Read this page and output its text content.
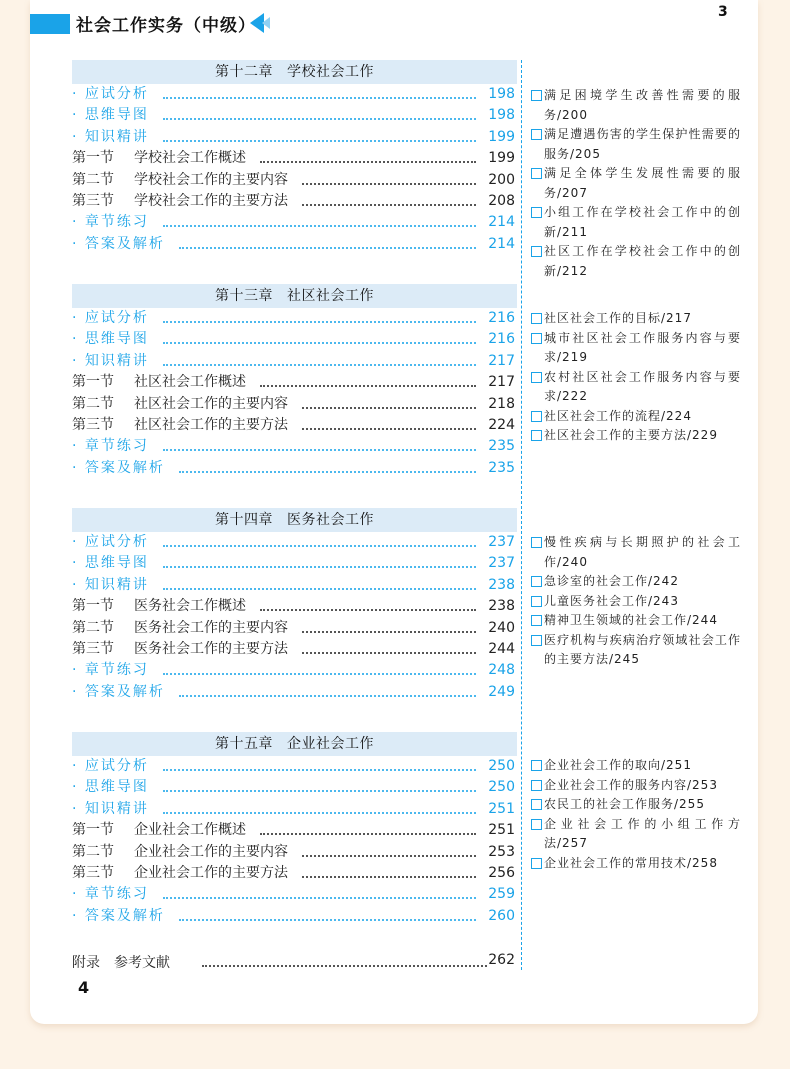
社会工作实务（中级）
3
第十二章 学校社会工作
· 应试分析	198
· 思维导图	198
· 知识精讲	199
第一节 学校社会工作概述	199
第二节 学校社会工作的主要内容	200
第三节 学校社会工作的主要方法	208
· 章节练习	214
· 答案及解析	214
第十三章 社区社会工作
· 应试分析	216
· 思维导图	216
· 知识精讲	217
第一节 社区社会工作概述	217
第二节 社区社会工作的主要内容	218
第三节 社区社会工作的主要方法	224
· 章节练习	235
· 答案及解析	235
第十四章 医务社会工作
· 应试分析	237
· 思维导图	237
· 知识精讲	238
第一节 医务社会工作概述	238
第二节 医务社会工作的主要内容	240
第三节 医务社会工作的主要方法	244
· 章节练习	248
· 答案及解析	249
第十五章 企业社会工作
· 应试分析	250
· 思维导图	250
· 知识精讲	251
第一节 企业社会工作概述	251
第二节 企业社会工作的主要内容	253
第三节 企业社会工作的主要方法	256
· 章节练习	259
· 答案及解析	260
满足困境学生改善性需要的服务/200
满足遭遇伤害的学生保护性需要的服务/205
满足全体学生发展性需要的服务/207
小组工作在学校社会工作中的创新/211
社区工作在学校社会工作中的创新/212
社区社会工作的目标/217
城市社区社会工作服务内容与要求/219
农村社区社会工作服务内容与要求/222
社区社会工作的流程/224
社区社会工作的主要方法/229
慢性疾病与长期照护的社会工作/240
急诊室的社会工作/242
儿童医务社会工作/243
精神卫生领域的社会工作/244
医疗机构与疾病治疗领域社会工作的主要方法/245
企业社会工作的取向/251
企业社会工作的服务内容/253
农民工的社会工作服务/255
企业社会工作的小组工作方法/257
企业社会工作的常用技术/258
附录　参考文献	262
4
